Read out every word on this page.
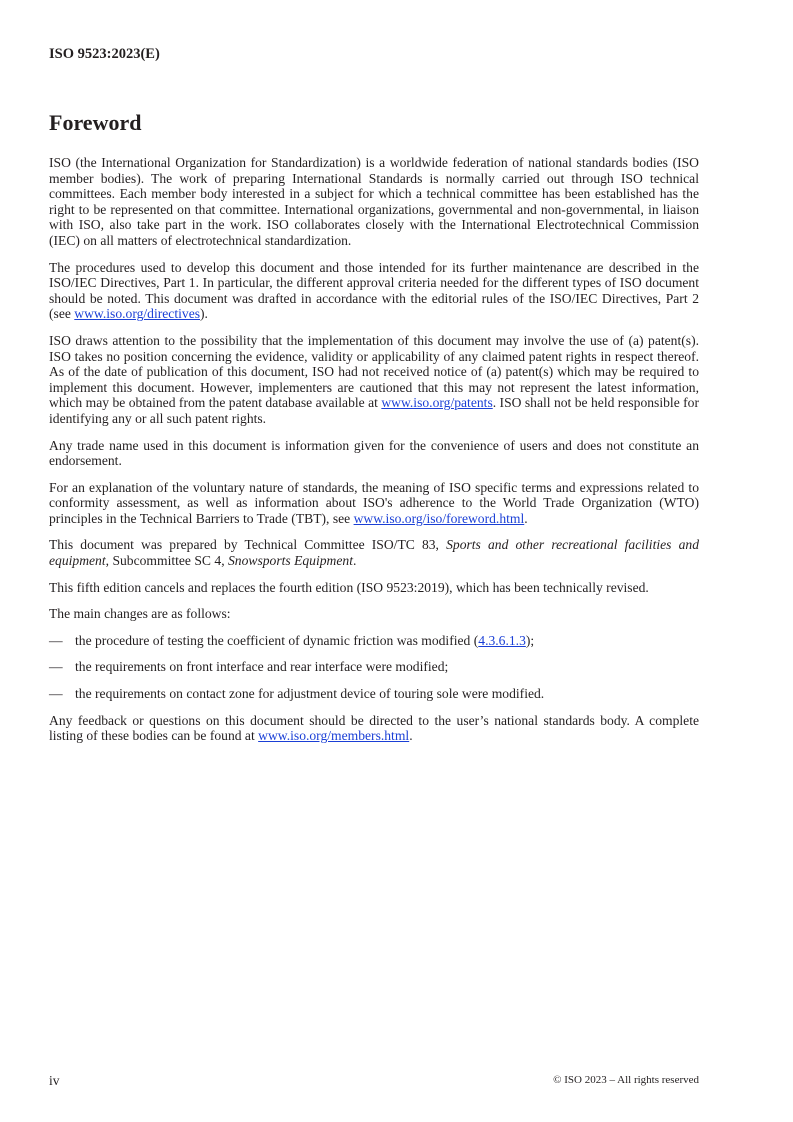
ISO 9523:2023(E)
Foreword

ISO (the International Organization for Standardization) is a worldwide federation of national standards bodies (ISO member bodies). The work of preparing International Standards is normally carried out through ISO technical committees. Each member body interested in a subject for which a technical committee has been established has the right to be represented on that committee. International organizations, governmental and non-governmental, in liaison with ISO, also take part in the work. ISO collaborates closely with the International Electrotechnical Commission (IEC) on all matters of electrotechnical standardization.

The procedures used to develop this document and those intended for its further maintenance are described in the ISO/IEC Directives, Part 1. In particular, the different approval criteria needed for the different types of ISO document should be noted. This document was drafted in accordance with the editorial rules of the ISO/IEC Directives, Part 2 (see www.iso.org/directives).

ISO draws attention to the possibility that the implementation of this document may involve the use of (a) patent(s). ISO takes no position concerning the evidence, validity or applicability of any claimed patent rights in respect thereof. As of the date of publication of this document, ISO had not received notice of (a) patent(s) which may be required to implement this document. However, implementers are cautioned that this may not represent the latest information, which may be obtained from the patent database available at www.iso.org/patents. ISO shall not be held responsible for identifying any or all such patent rights.

Any trade name used in this document is information given for the convenience of users and does not constitute an endorsement.

For an explanation of the voluntary nature of standards, the meaning of ISO specific terms and expressions related to conformity assessment, as well as information about ISO's adherence to the World Trade Organization (WTO) principles in the Technical Barriers to Trade (TBT), see www.iso.org/iso/foreword.html.

This document was prepared by Technical Committee ISO/TC 83, Sports and other recreational facilities and equipment, Subcommittee SC 4, Snowsports Equipment.

This fifth edition cancels and replaces the fourth edition (ISO 9523:2019), which has been technically revised.

The main changes are as follows:

— the procedure of testing the coefficient of dynamic friction was modified (4.3.6.1.3);
— the requirements on front interface and rear interface were modified;
— the requirements on contact zone for adjustment device of touring sole were modified.

Any feedback or questions on this document should be directed to the user’s national standards body. A complete listing of these bodies can be found at www.iso.org/members.html.

iv	© ISO 2023 – All rights reserved
